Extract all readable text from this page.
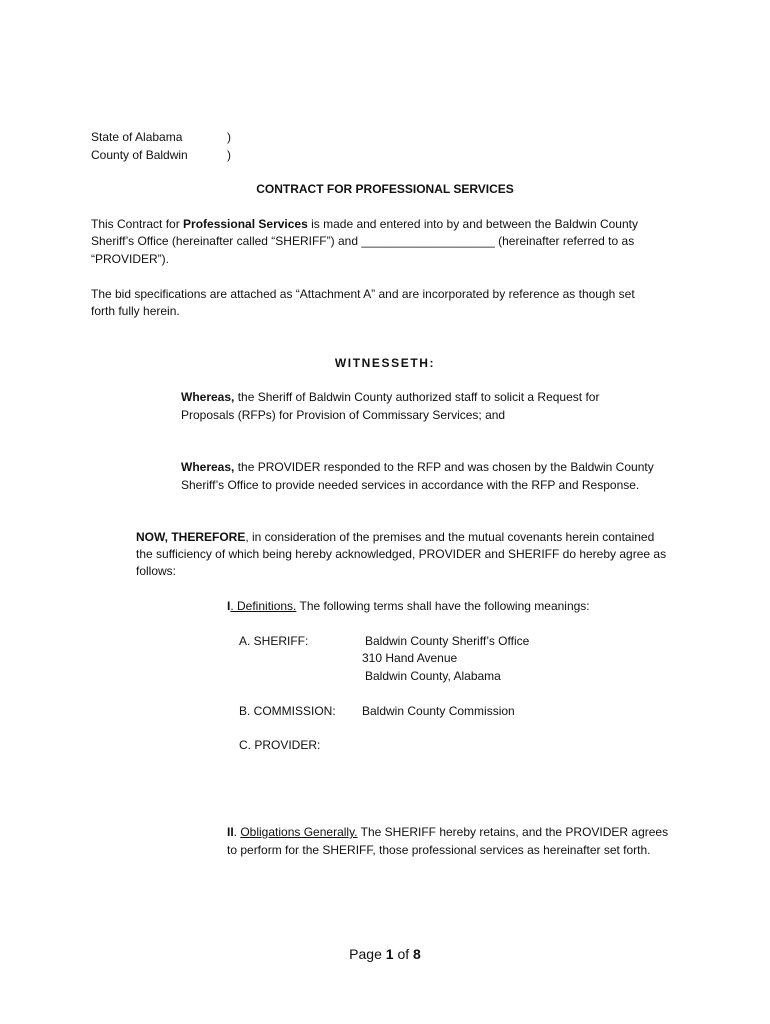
State of Alabama	)
County of Baldwin	)
CONTRACT FOR PROFESSIONAL SERVICES
This Contract for Professional Services is made and entered into by and between the Baldwin County
Sheriff’s Office (hereinafter called “SHERIFF”) and ____________________ (hereinafter referred to as
“PROVIDER”).
The bid specifications are attached as “Attachment A” and are incorporated by reference as though set
forth fully herein.
WITNESSETH:
Whereas, the Sheriff of Baldwin County authorized staff to solicit a Request for
Proposals (RFPs) for Provision of Commissary Services; and
Whereas, the PROVIDER responded to the RFP and was chosen by the Baldwin County
Sheriff’s Office to provide needed services in accordance with the RFP and Response.
NOW, THEREFORE, in consideration of the premises and the mutual covenants herein contained
the sufficiency of which being hereby acknowledged, PROVIDER and SHERIFF do hereby agree as
follows:
I. Definitions. The following terms shall have the following meanings:
A. SHERIFF:	Baldwin County Sheriff’s Office
310 Hand Avenue
Baldwin County, Alabama
B. COMMISSION: Baldwin County Commission
C. PROVIDER:
II. Obligations Generally. The SHERIFF hereby retains, and the PROVIDER agrees
to perform for the SHERIFF, those professional services as hereinafter set forth.
Page 1 of 8
